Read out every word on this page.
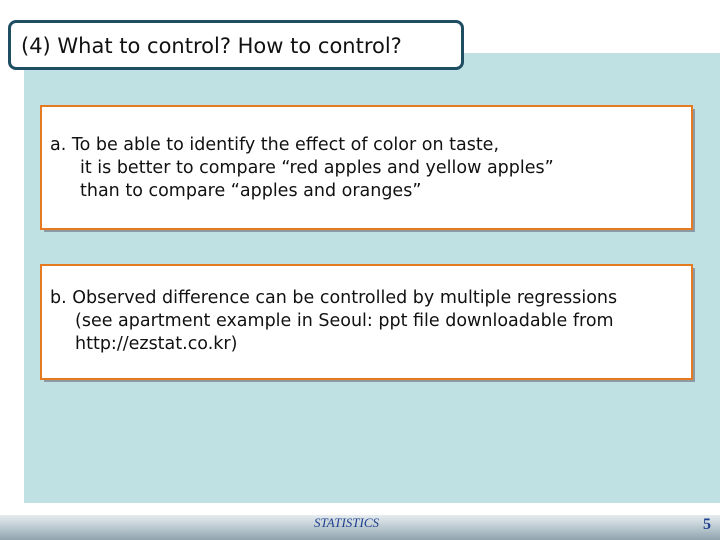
(4) What to control? How to control?
a. To be able to identify the effect of color on taste,
it is better to compare “red apples and yellow apples”
than to compare “apples and oranges”
b. Observed difference can be controlled by multiple regressions
(see apartment example in Seoul: ppt file downloadable from
http://ezstat.co.kr)
STATISTICS	5
